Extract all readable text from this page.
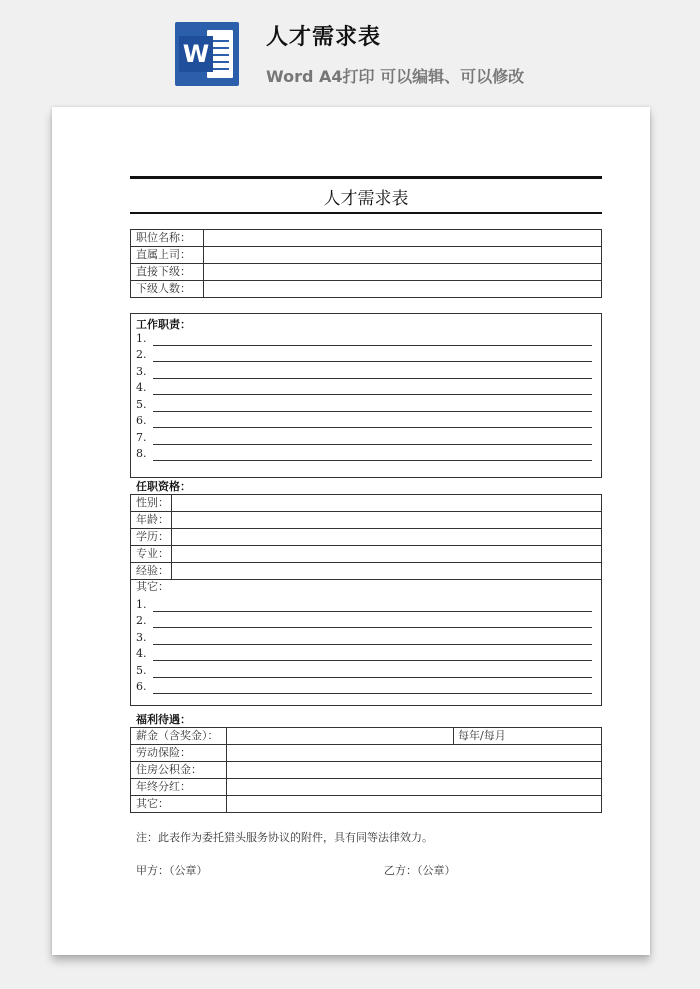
W
人才需求表
Word A4打印 可以编辑、可以修改
人才需求表
职位名称：
直属上司：
直接下级：
下级人数：
工作职责：
1.
2.
3.
4.
5.
6.
7.
8.
任职资格：
性别：
年龄：
学历：
专业：
经验：
其它：
1.
2.
3.
4.
5.
6.
福利待遇：
薪金（含奖金）：	每年/每月
劳动保险：
住房公积金：
年终分红：
其它：
注：此表作为委托猎头服务协议的附件，具有同等法律效力。
甲方：（公章）	乙方：（公章）
